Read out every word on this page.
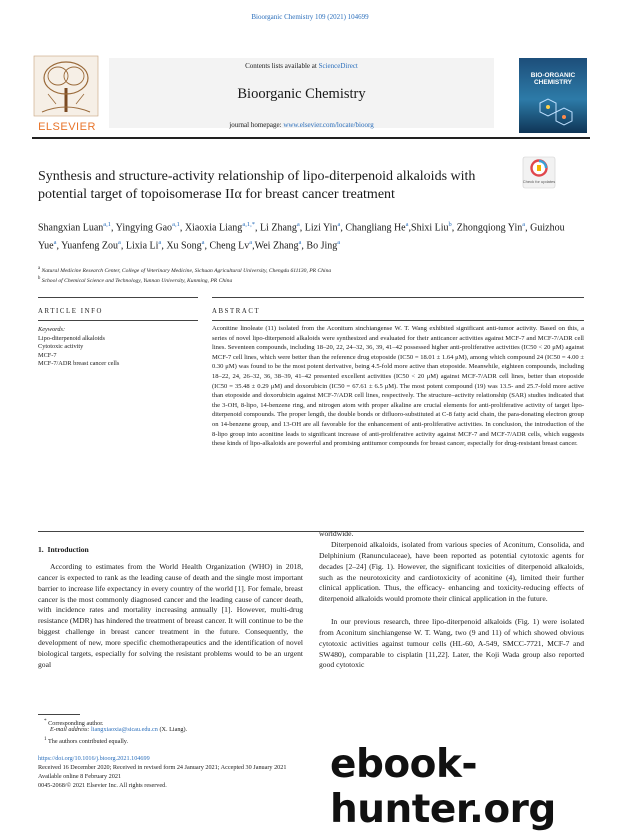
Bioorganic Chemistry 109 (2021) 104699
ELSEVIER
Contents lists available at ScienceDirect
Bioorganic Chemistry
journal homepage: www.elsevier.com/locate/bioorg
BIO-ORGANIC CHEMISTRY
Synthesis and structure-activity relationship of lipo-diterpenoid alkaloids with potential target of topoisomerase IIα for breast cancer treatment
Check for updates
Shangxian Luan$^{a,1}$, Yingying Gao$^{a,1}$, Xiaoxia Liang$^{a,1,*}$, Li Zhang$^a$, Lizi Yin$^a$, Changliang He$^a$,Shixi Liu$^b$, Zhongqiong Yin$^a$, Guizhou Yue$^a$, Yuanfeng Zou$^a$, Lixia Li$^a$, Xu Song$^a$, Cheng Lv$^a$,Wei Zhang$^a$, Bo Jing$^a$
$^a$ Natural Medicine Research Center, College of Veterinary Medicine, Sichuan Agricultural University, Chengdu 611130, PR China
$^b$ School of Chemical Science and Technology, Yunnan University, Kunming, PR China
ARTICLE INFO	ABSTRACT
Keywords:
Lipo-diterpenoid alkaloids
Cytotoxic activity
MCF-7
MCF-7/ADR breast cancer cells
Aconitine linoleate (11) isolated from the Aconitum sinchiangense W. T. Wang exhibited significant anti-tumor activity. Based on this, a series of novel lipo-diterpenoid alkaloids were synthesized and evaluated for their anticancer activities against MCF-7 and MCF-7/ADR cell lines. Seventeen compounds, including 18–20, 22, 24–32, 36, 39, 41–42 possessed higher anti-proliferative activities (IC50 < 20 μM) against MCF-7 cell lines, which were better than the reference drug etoposide (IC50 = 18.01 ± 1.64 μM), among which compound 24 (IC50 = 4.00 ± 0.30 μM) was found to be the most potent derivative, being 4.5-fold more active than etoposide. Meanwhile, eighteen compounds, including 18–22, 24, 26–32, 36, 38–39, 41–42 presented excellent activities (IC50 < 20 μM) against MCF-7/ADR cell lines, better than etoposide (IC50 = 35.48 ± 0.29 μM) and doxorubicin (IC50 = 67.61 ± 6.5 μM). The most potent compound (19) was 13.5- and 25.7-fold more active than etoposide and doxorubicin against MCF-7/ADR cell lines, respectively. The structure–activity relationship (SAR) studies indicated that the 3-OH, 8-lipo, 14-benzene ring, and nitrogen atom with proper alkaline are crucial elements for anti-proliferative activity of target lipo-diterpenoid compounds. The proper length, the double bonds or difluoro-substituted at C-8 fatty acid chain, the para-donating electron group on 14-benzene group, and 13-OH are all favorable for the enhancement of anti-proliferative activities. In conclusion, the introduction of the 8-lipo group into aconitine leads to significant increase of anti-proliferative activity against MCF-7 and MCF-7/ADR cells, which suggests these kinds of lipo-alkaloids are powerful and promising antitumor compounds for breast cancer, especially for drug-resistant breast cancer.
1. Introduction
According to estimates from the World Health Organization (WHO) in 2018, cancer is expected to rank as the leading cause of death and the single most important barrier to increase life expectancy in every country of the world [1]. For female, breast cancer is the most commonly diagnosed cancer and the leading cause of cancer death, with incidence rates and mortality increasing annually [1]. However, multi-drug resistance (MDR) has hindered the treatment of breast cancer. It will continue to be the biggest challenge in breast cancer treatment in the future. Consequently, the development of new, more specific chemotherapeutics and the identification of novel biological targets, especially for solving the resistant problems would to be an urgent goal
worldwide.
Diterpenoid alkaloids, isolated from various species of Aconitum, Consolida, and Delphinium (Ranunculaceae), have been reported as potential cytotoxic agents for decades [2–24] (Fig. 1). However, the significant toxicities of diterpenoid alkaloids, such as the neurotoxicity and cardiotoxicity of aconitine (4), limited their further clinical application. Thus, the efficacy- enhancing and toxicity-reducing effects of diterpenoid alkaloids would promote their clinical application in the future.
In our previous research, three lipo-diterpenoid alkaloids (Fig. 1) were isolated from Aconitum sinchiangense W. T. Wang, two (9 and 11) of which showed obvious cytotoxic activities against tumour cells (HL-60, A-549, SMCC-7721, MCF-7 and SW480), comparable to cisplatin [11,22]. Later, the Koji Wada group also reported good cytotoxic
* Corresponding author.
E-mail address: liangxiaoxia@sicau.edu.cn (X. Liang).
$^1$ The authors contributed equally.
https://doi.org/10.1016/j.bioorg.2021.104699
Received 16 December 2020; Received in revised form 24 January 2021; Accepted 30 January 2021
Available online 8 February 2021
0045-2068/© 2021 Elsevier Inc. All rights reserved.	ebook-hunter.org
